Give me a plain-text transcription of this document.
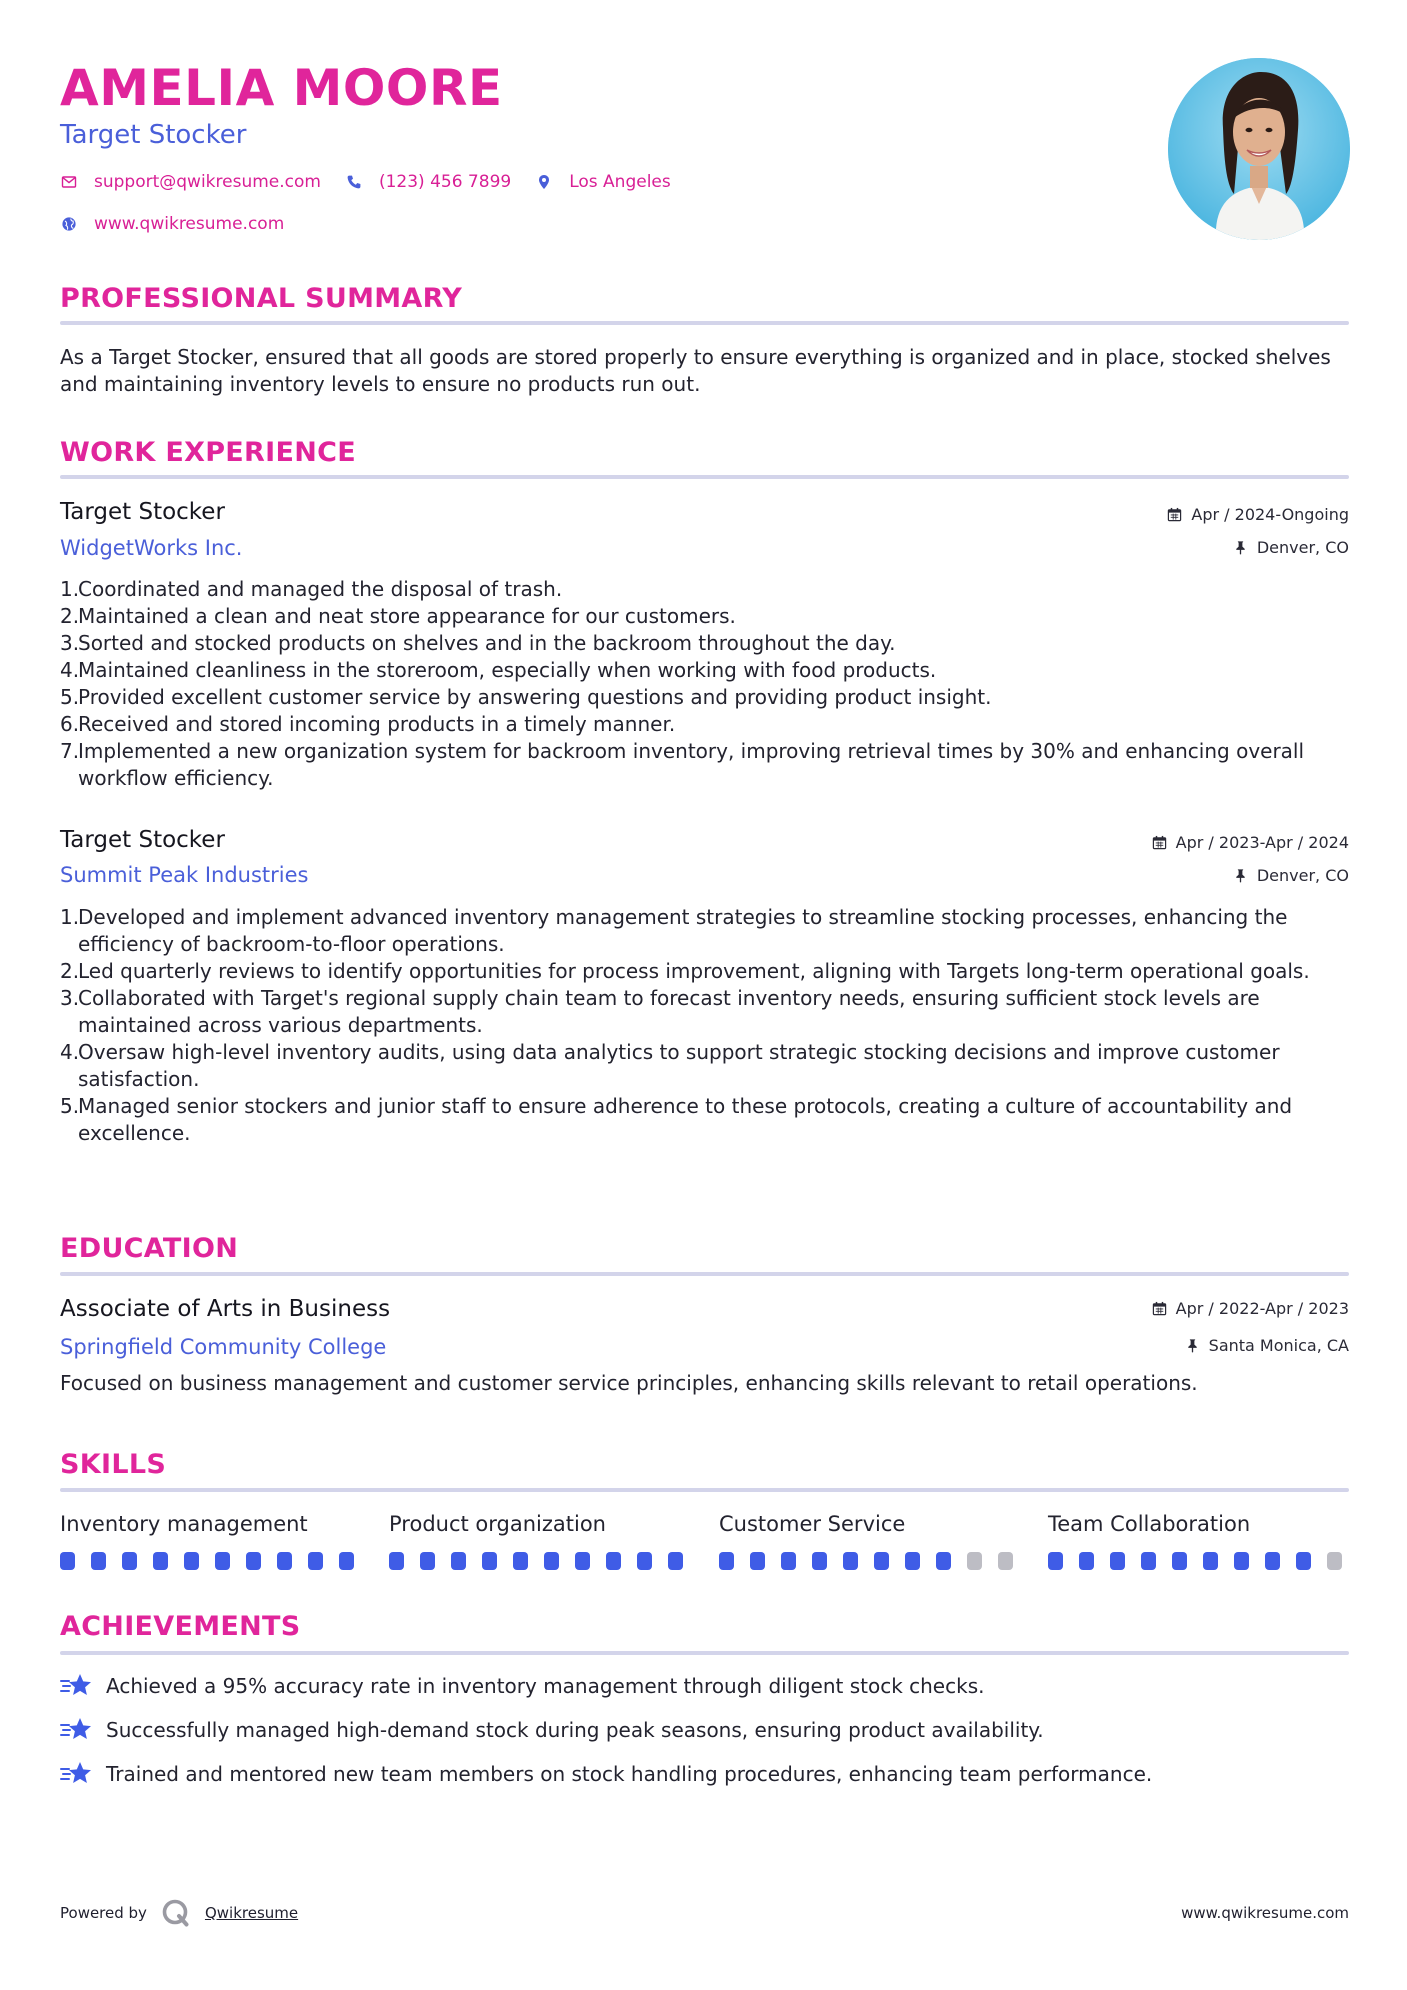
AMELIA MOORE
Target Stocker
support@qwikresume.com	(123) 456 7899	Los Angeles
www.qwikresume.com
PROFESSIONAL SUMMARY
As a Target Stocker, ensured that all goods are stored properly to ensure everything is organized and in place, stocked shelves and maintaining inventory levels to ensure no products run out.
WORK EXPERIENCE
Target Stocker
WidgetWorks Inc.
Apr / 2024-Ongoing
Denver, CO
1.
Coordinated and managed the disposal of trash.
2.
Maintained a clean and neat store appearance for our customers.
3.
Sorted and stocked products on shelves and in the backroom throughout the day.
4.
Maintained cleanliness in the storeroom, especially when working with food products.
5.
Provided excellent customer service by answering questions and providing product insight.
6.
Received and stored incoming products in a timely manner.
7.
Implemented a new organization system for backroom inventory, improving retrieval times by 30% and enhancing overall workflow efficiency.
Target Stocker
Summit Peak Industries
Apr / 2023-Apr / 2024
Denver, CO
1.
Developed and implement advanced inventory management strategies to streamline stocking processes, enhancing the efficiency of backroom-to-floor operations.
2.
Led quarterly reviews to identify opportunities for process improvement, aligning with Targets long-term operational goals.
3.
Collaborated with Target's regional supply chain team to forecast inventory needs, ensuring sufficient stock levels are maintained across various departments.
4.
Oversaw high-level inventory audits, using data analytics to support strategic stocking decisions and improve customer satisfaction.
5.
Managed senior stockers and junior staff to ensure adherence to these protocols, creating a culture of accountability and excellence.
EDUCATION
Associate of Arts in Business
Springfield Community College
Apr / 2022-Apr / 2023
Santa Monica, CA
Focused on business management and customer service principles, enhancing skills relevant to retail operations.
SKILLS
Inventory management	Product organization	Customer Service	Team Collaboration
ACHIEVEMENTS
Achieved a 95% accuracy rate in inventory management through diligent stock checks.
Successfully managed high-demand stock during peak seasons, ensuring product availability.
Trained and mentored new team members on stock handling procedures, enhancing team performance.
Powered by	Qwikresume	www.qwikresume.com
